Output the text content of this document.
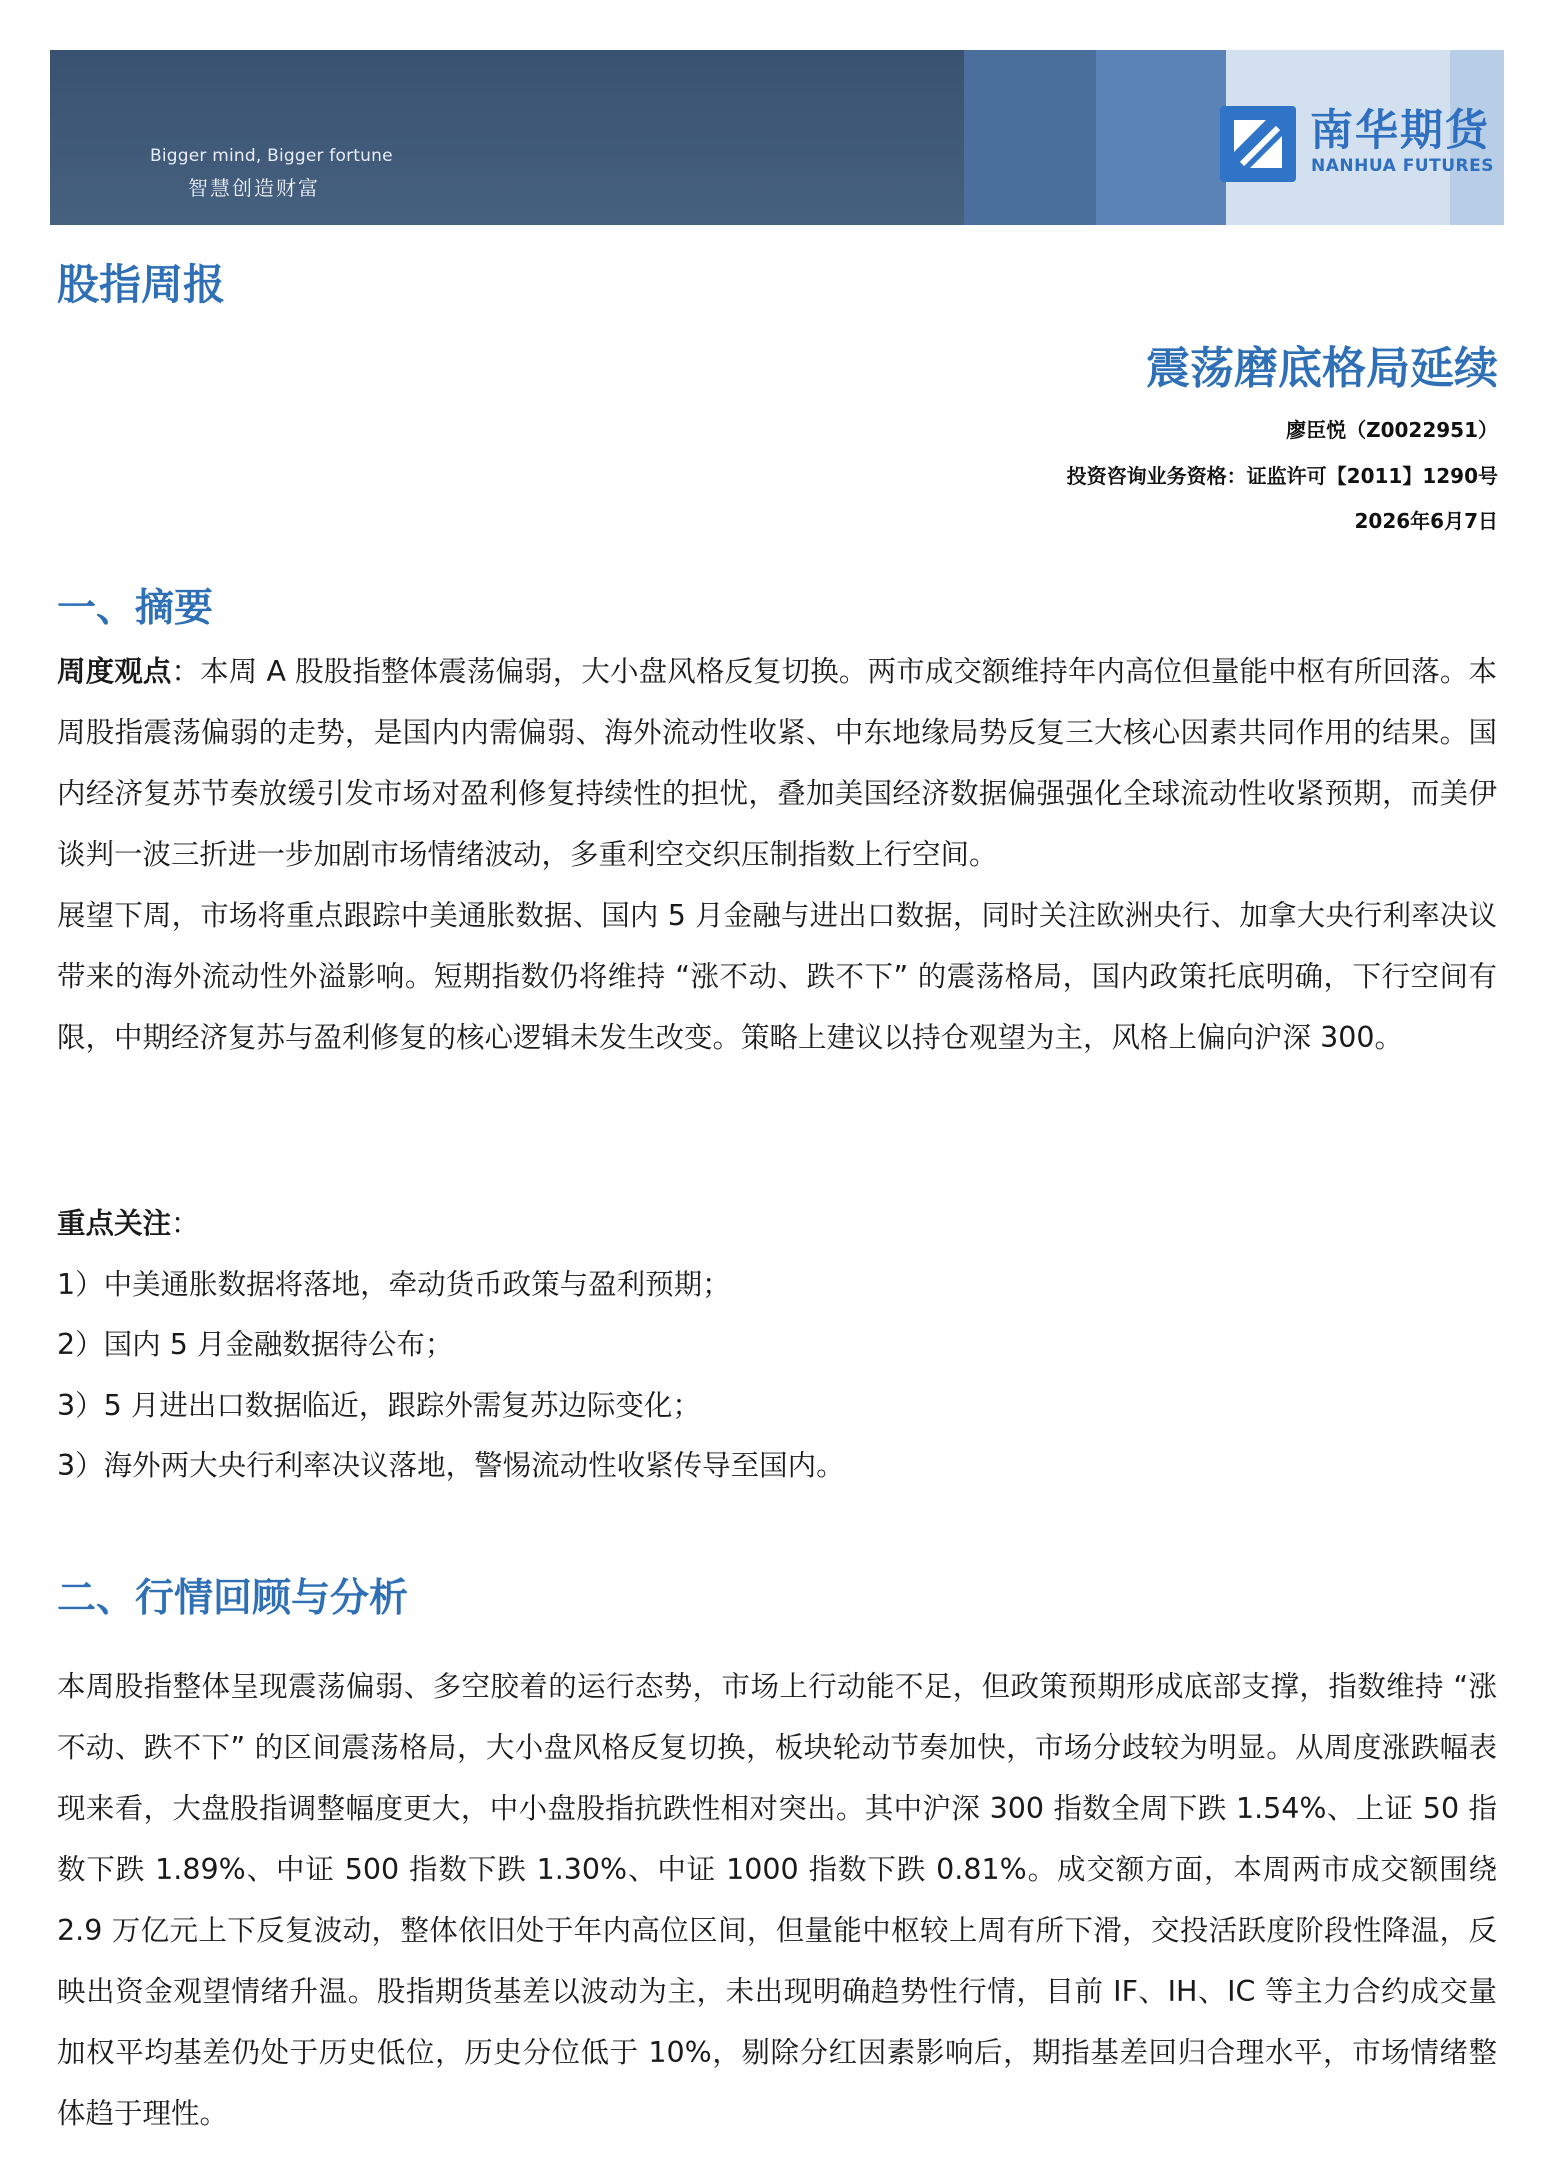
Bigger mind, Bigger fortune
智慧创造财富
南华期货
NANHUA FUTURES
股指周报
震荡磨底格局延续
廖臣悦（Z0022951）
投资咨询业务资格：证监许可【2011】1290号
2026年6月7日
一、摘要

周度观点：本周 A 股股指整体震荡偏弱，大小盘风格反复切换。两市成交额维持年内高位但量能中枢有所回落。本周股指震荡偏弱的走势，是国内内需偏弱、海外流动性收紧、中东地缘局势反复三大核心因素共同作用的结果。国内经济复苏节奏放缓引发市场对盈利修复持续性的担忧，叠加美国经济数据偏强强化全球流动性收紧预期，而美伊谈判一波三折进一步加剧市场情绪波动，多重利空交织压制指数上行空间。

展望下周，市场将重点跟踪中美通胀数据、国内 5 月金融与进出口数据，同时关注欧洲央行、加拿大央行利率决议带来的海外流动性外溢影响。短期指数仍将维持 “涨不动、跌不下” 的震荡格局，国内政策托底明确，下行空间有限，中期经济复苏与盈利修复的核心逻辑未发生改变。策略上建议以持仓观望为主，风格上偏向沪深 300。

重点关注：
1）中美通胀数据将落地，牵动货币政策与盈利预期；
2）国内 5 月金融数据待公布；
3）5 月进出口数据临近，跟踪外需复苏边际变化；
3）海外两大央行利率决议落地，警惕流动性收紧传导至国内。
二、行情回顾与分析

本周股指整体呈现震荡偏弱、多空胶着的运行态势，市场上行动能不足，但政策预期形成底部支撑，指数维持 “涨不动、跌不下” 的区间震荡格局，大小盘风格反复切换，板块轮动节奏加快，市场分歧较为明显。从周度涨跌幅表现来看，大盘股指调整幅度更大，中小盘股指抗跌性相对突出。其中沪深 300 指数全周下跌 1.54%、上证 50 指数下跌 1.89%、中证 500 指数下跌 1.30%、中证 1000 指数下跌 0.81%。成交额方面，本周两市成交额围绕 2.9 万亿元上下反复波动，整体依旧处于年内高位区间，但量能中枢较上周有所下滑，交投活跃度阶段性降温，反映出资金观望情绪升温。股指期货基差以波动为主，未出现明确趋势性行情，目前 IF、IH、IC 等主力合约成交量加权平均基差仍处于历史低位，历史分位低于 10%，剔除分红因素影响后，期指基差回归合理水平，市场情绪整体趋于理性。
